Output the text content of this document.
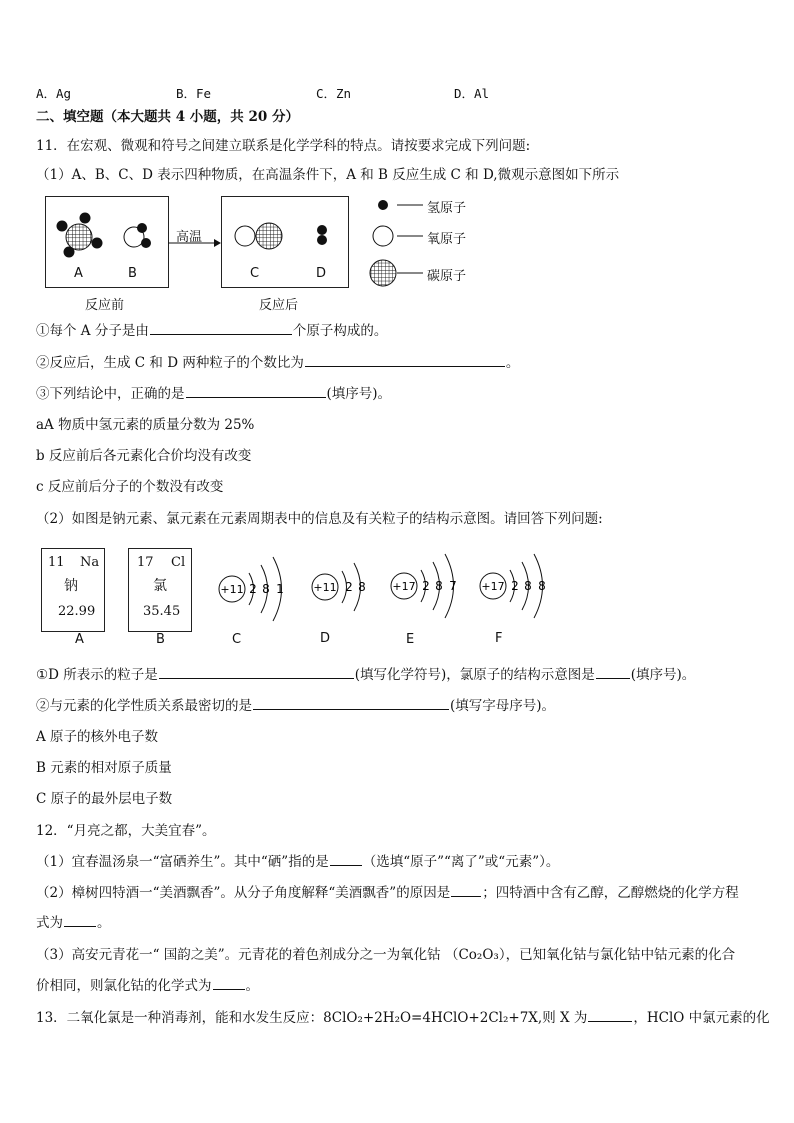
A．Ag	B．Fe	C．Zn	D．Al
二、填空题（本大题共 4 小题，共 20 分）
11．在宏观、微观和符号之间建立联系是化学学科的特点。请按要求完成下列问题:
（1）A、B、C、D 表示四种物质，在高温条件下，A 和 B 反应生成 C 和 D,微观示意图如下所示
高温
A	B	C	D
反应前	反应后
氢原子
氧原子
碳原子
①每个 A 分子是由	个原子构成的。
②反应后，生成 C 和 D 两种粒子的个数比为	。
③下列结论中，正确的是	(填序号)。
aA 物质中氢元素的质量分数为 25%
b 反应前后各元素化合价均没有改变
c 反应前后分子的个数没有改变
（2）如图是钠元素、氯元素在元素周期表中的信息及有关粒子的结构示意图。请回答下列问题:
11 Na
钠
22.99
17 Cl
氯
35.45
A	B
+11 2 8 1	+11 2 8 +17 2 8 7 +17 2 8 8
C	D	E	F
①D 所表示的粒子是	(填写化学符号)，氯原子的结构示意图是	(填序号)。
②与元素的化学性质关系最密切的是	(填写字母序号)。
A 原子的核外电子数
B 元素的相对原子质量
C 原子的最外层电子数
12．“月亮之都，大美宜春”。
（1）宜春温汤泉一“富硒养生”。其中“硒”指的是	（选填“原子”“离了”或“元素”）。
（2）樟树四特酒一“美酒飘香”。从分子角度解释“美酒飘香”的原因是 ；四特酒中含有乙醇，乙醇燃烧的化学方程
式为	。
（3）高安元青花一“ 国韵之美”。元青花的着色剂成分之一为氧化钴 （Co₂O₃），已知氧化钴与氯化钴中钴元素的化合
价相同，则氯化钴的化学式为	。
13．二氧化氯是一种消毒剂，能和水发生反应：8ClO₂+2H₂O=4HClO+2Cl₂+7X,则 X 为	，HClO 中氯元素的化
